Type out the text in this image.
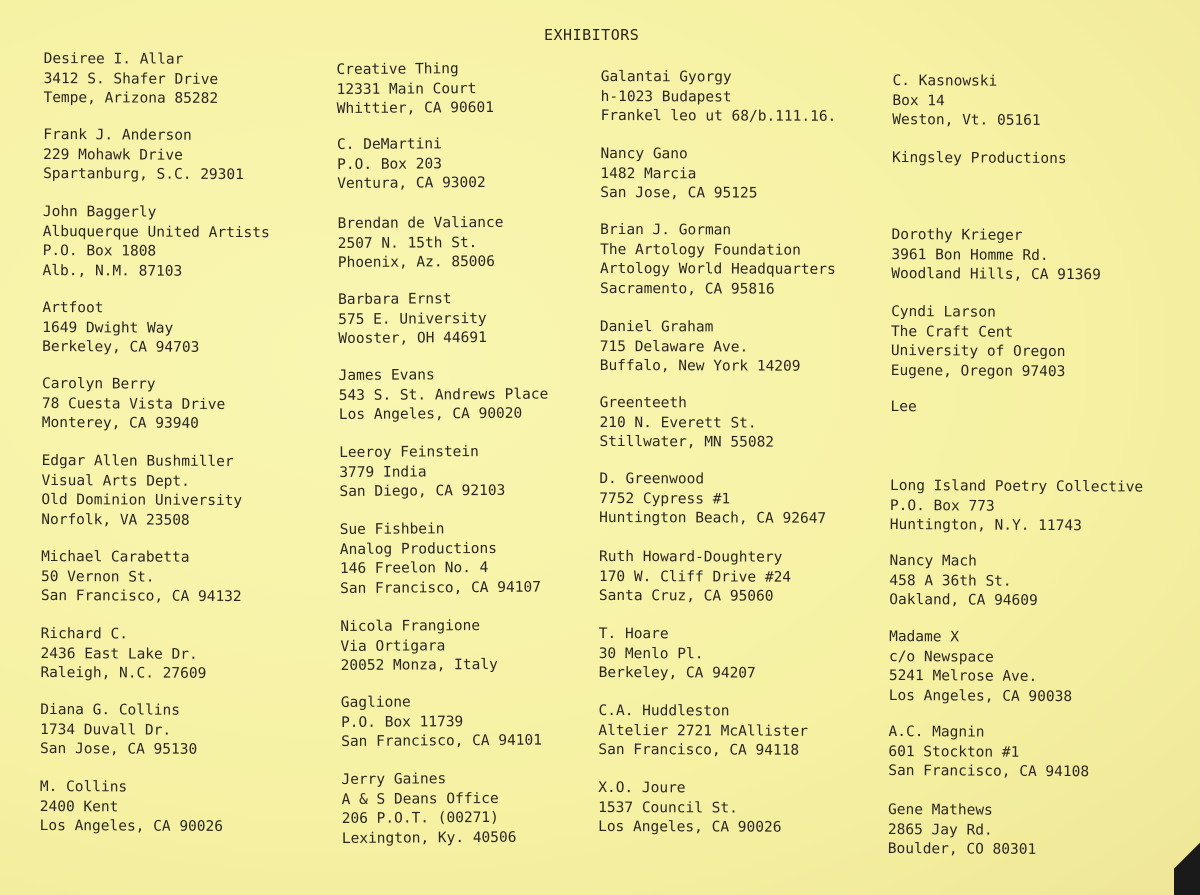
EXHIBITORS
Desiree I. Allar
3412 S. Shafer Drive
Tempe, Arizona 85282
Frank J. Anderson
229 Mohawk Drive
Spartanburg, S.C. 29301
John Baggerly
Albuquerque United Artists
P.O. Box 1808
Alb., N.M. 87103
Artfoot
1649 Dwight Way
Berkeley, CA 94703
Carolyn Berry
78 Cuesta Vista Drive
Monterey, CA 93940
Edgar Allen Bushmiller
Visual Arts Dept.
Old Dominion University
Norfolk, VA 23508
Michael Carabetta
50 Vernon St.
San Francisco, CA 94132
Richard C.
2436 East Lake Dr.
Raleigh, N.C. 27609
Diana G. Collins
1734 Duvall Dr.
San Jose, CA 95130
M. Collins
2400 Kent
Los Angeles, CA 90026
Creative Thing
12331 Main Court
Whittier, CA 90601
C. DeMartini
P.O. Box 203
Ventura, CA 93002
Brendan de Valiance
2507 N. 15th St.
Phoenix, Az. 85006
Barbara Ernst
575 E. University
Wooster, OH 44691
James Evans
543 S. St. Andrews Place
Los Angeles, CA 90020
Leeroy Feinstein
3779 India
San Diego, CA 92103
Sue Fishbein
Analog Productions
146 Freelon No. 4
San Francisco, CA 94107
Nicola Frangione
Via Ortigara
20052 Monza, Italy
Gaglione
P.O. Box 11739
San Francisco, CA 94101
Jerry Gaines
A & S Deans Office
206 P.O.T. (00271)
Lexington, Ky. 40506
Galantai Gyorgy
h-1023 Budapest
Frankel leo ut 68/b.111.16.
Nancy Gano
1482 Marcia
San Jose, CA 95125
Brian J. Gorman
The Artology Foundation
Artology World Headquarters
Sacramento, CA 95816
Daniel Graham
715 Delaware Ave.
Buffalo, New York 14209
Greenteeth
210 N. Everett St.
Stillwater, MN 55082
D. Greenwood
7752 Cypress #1
Huntington Beach, CA 92647
Ruth Howard-Doughtery
170 W. Cliff Drive #24
Santa Cruz, CA 95060
T. Hoare
30 Menlo Pl.
Berkeley, CA 94207
C.A. Huddleston
Altelier 2721 McAllister
San Francisco, CA 94118
X.O. Joure
1537 Council St.
Los Angeles, CA 90026
C. Kasnowski
Box 14
Weston, Vt. 05161
Kingsley Productions
Dorothy Krieger
3961 Bon Homme Rd.
Woodland Hills, CA 91369
Cyndi Larson
The Craft Cent
University of Oregon
Eugene, Oregon 97403
Lee
Long Island Poetry Collective
P.O. Box 773
Huntington, N.Y. 11743
Nancy Mach
458 A 36th St.
Oakland, CA 94609
Madame X
c/o Newspace
5241 Melrose Ave.
Los Angeles, CA 90038
A.C. Magnin
601 Stockton #1
San Francisco, CA 94108
Gene Mathews
2865 Jay Rd.
Boulder, CO 80301
